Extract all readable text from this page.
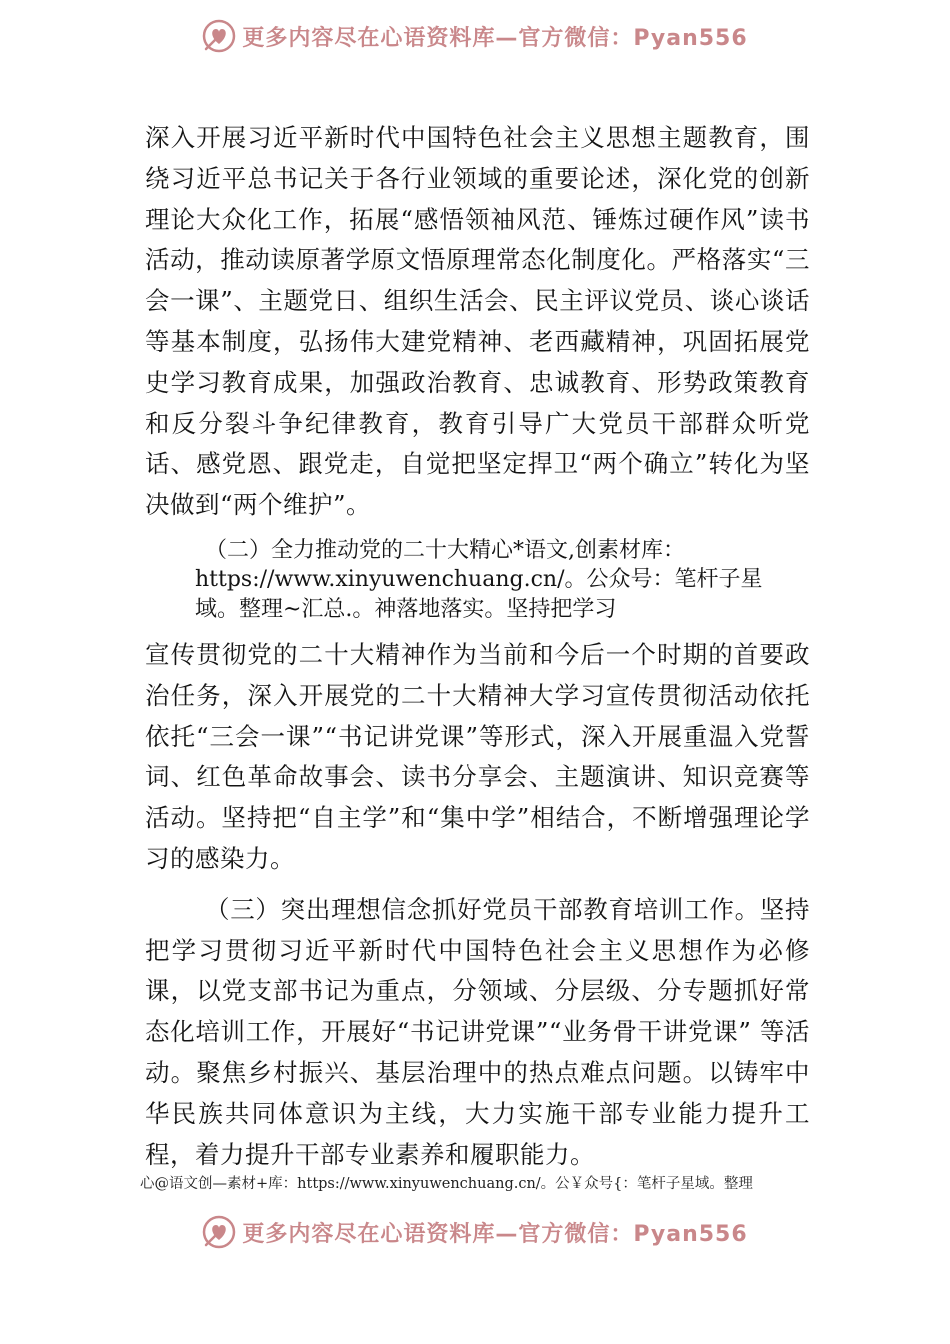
更多内容尽在心语资料库—官方微信：Pyan556

深入开展习近平新时代中国特色社会主义思想主题教育，围绕习近平总书记关于各行业领域的重要论述，深化党的创新理论大众化工作，拓展“感悟领袖风范、锤炼过硬作风”读书活动，推动读原著学原文悟原理常态化制度化。严格落实“三会一课”、主题党日、组织生活会、民主评议党员、谈心谈话等基本制度，弘扬伟大建党精神、老西藏精神，巩固拓展党史学习教育成果，加强政治教育、忠诚教育、形势政策教育和反分裂斗争纪律教育，教育引导广大党员干部群众听党话、感党恩、跟党走，自觉把坚定捍卫“两个确立”转化为坚决做到“两个维护”。

（二）全力推动党的二十大精心*语文,创素材库：

https://www.xinyuwenchuang.cn/。公众号：笔杆子星

域。整理~汇总.。神落地落实。坚持把学习

宣传贯彻党的二十大精神作为当前和今后一个时期的首要政治任务，深入开展党的二十大精神大学习宣传贯彻活动依托依托“三会一课”“书记讲党课”等形式，深入开展重温入党誓词、红色革命故事会、读书分享会、主题演讲、知识竞赛等活动。坚持把“自主学”和“集中学”相结合，不断增强理论学习的感染力。

（三）突出理想信念抓好党员干部教育培训工作。坚持把学习贯彻习近平新时代中国特色社会主义思想作为必修课，以党支部书记为重点，分领域、分层级、分专题抓好常态化培训工作，开展好“书记讲党课”“业务骨干讲党课” 等活动。聚焦乡村振兴、基层治理中的热点难点问题。以铸牢中华民族共同体意识为主线，大力实施干部专业能力提升工程，着力提升干部专业素养和履职能力。

心@语文创—素材+库：https://www.xinyuwenchuang.cn/。公￥众号{：笔杆子星域。整理
更多内容尽在心语资料库—官方微信：Pyan556
